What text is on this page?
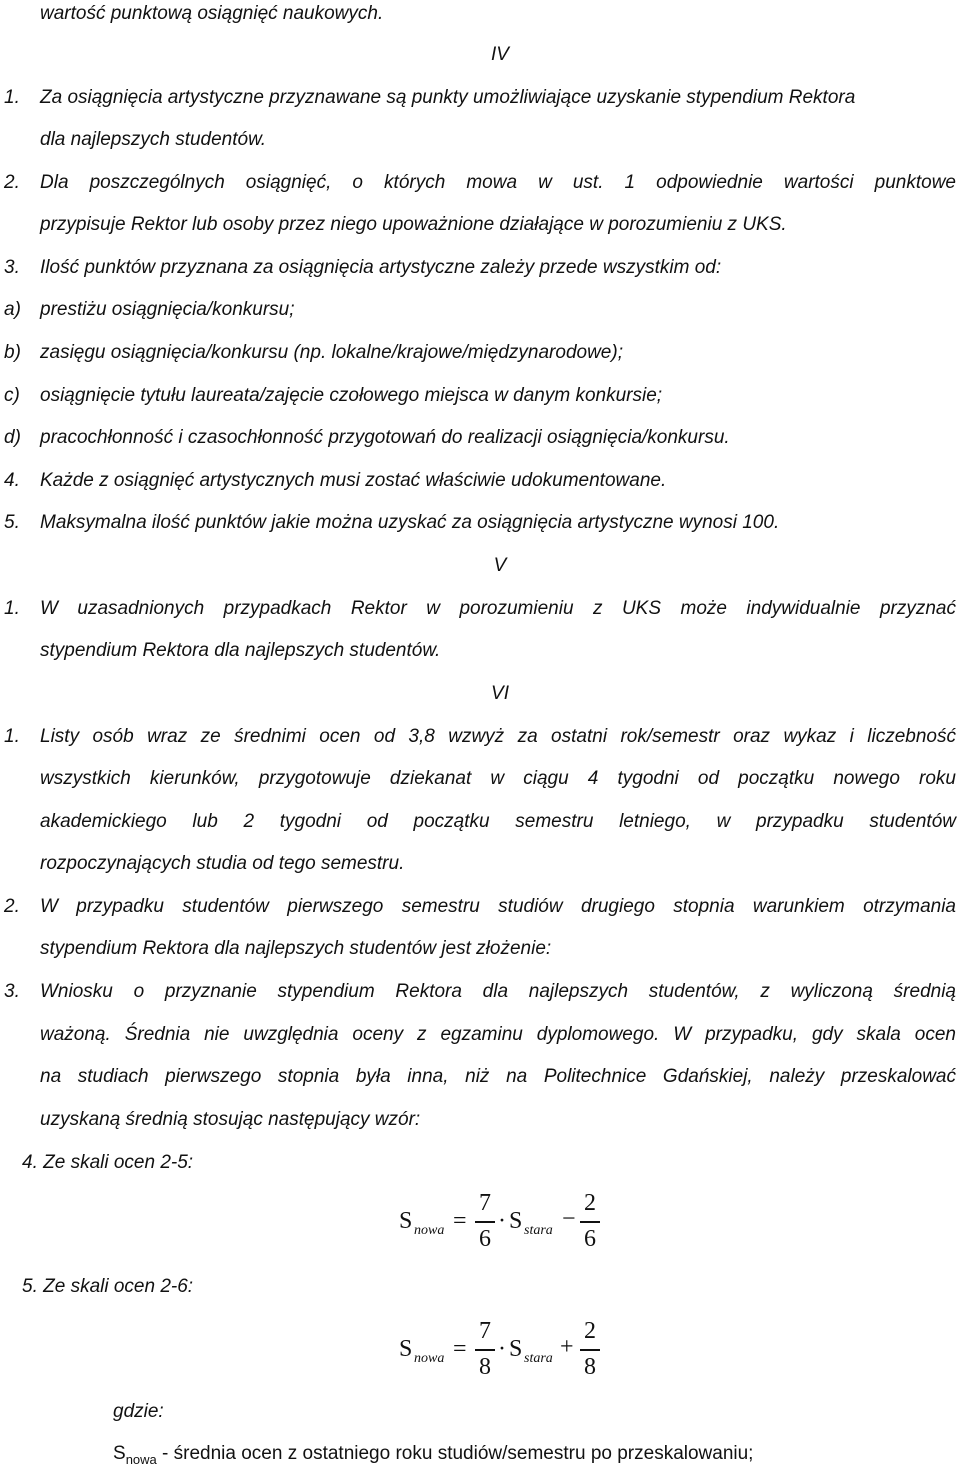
wartość punktową osiągnięć naukowych.
IV
1. Za osiągnięcia artystyczne przyznawane są punkty umożliwiające uzyskanie stypendium Rektora
dla najlepszych studentów.
2. Dla poszczególnych osiągnięć, o których mowa w ust. 1 odpowiednie wartości punktowe
przypisuje Rektor lub osoby przez niego upoważnione działające w porozumieniu z UKS.
3. Ilość punktów przyznana za osiągnięcia artystyczne zależy przede wszystkim od:
a) prestiżu osiągnięcia/konkursu;
b) zasięgu osiągnięcia/konkursu (np. lokalne/krajowe/międzynarodowe);
c) osiągnięcie tytułu laureata/zajęcie czołowego miejsca w danym konkursie;
d) pracochłonność i czasochłonność przygotowań do realizacji osiągnięcia/konkursu.
4. Każde z osiągnięć artystycznych musi zostać właściwie udokumentowane.
5. Maksymalna ilość punktów jakie można uzyskać za osiągnięcia artystyczne wynosi 100.
V
1. W uzasadnionych przypadkach Rektor w porozumieniu z UKS może indywidualnie przyznać
stypendium Rektora dla najlepszych studentów.
VI
1. Listy osób wraz ze średnimi ocen od 3,8 wzwyż za ostatni rok/semestr oraz wykaz i liczebność
wszystkich kierunków, przygotowuje dziekanat w ciągu 4 tygodni od początku nowego roku
akademickiego lub 2 tygodni od początku semestru letniego, w przypadku studentów
rozpoczynających studia od tego semestru.
2. W przypadku studentów pierwszego semestru studiów drugiego stopnia warunkiem otrzymania
stypendium Rektora dla najlepszych studentów jest złożenie:
3. Wniosku o przyznanie stypendium Rektora dla najlepszych studentów, z wyliczoną średnią
ważoną. Średnia nie uwzględnia oceny z egzaminu dyplomowego. W przypadku, gdy skala ocen
na studiach pierwszego stopnia była inna, niż na Politechnice Gdańskiej, należy przeskalować
uzyskaną średnią stosując następujący wzór:
4. Ze skali ocen 2-5:
S nowa =
7
6
· S stara −
2
6
5. Ze skali ocen 2-6:
S nowa =
7
8
· S stara +
2
8
gdzie:
$S_{nowa}$ - średnia ocen z ostatniego roku studiów/semestru po przeskalowaniu;
